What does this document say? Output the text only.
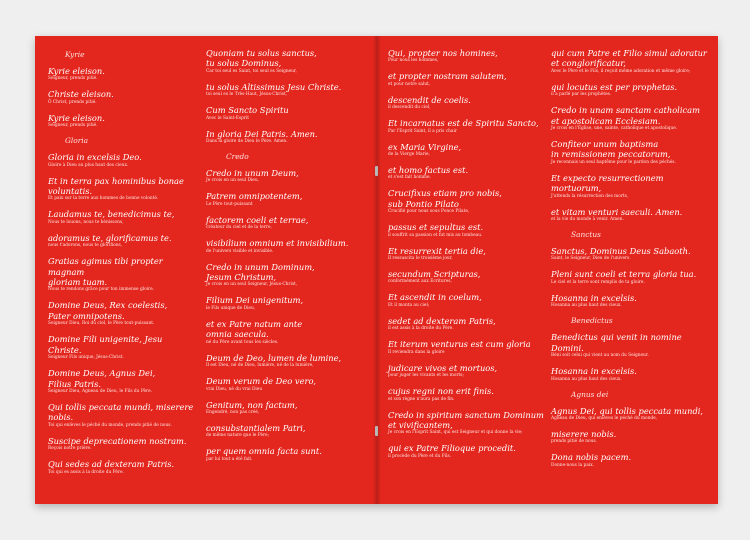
Kyrie
Kyrie eleison.
Seigneur, prends pitié.
Christe eleison.
Ô Christ, prends pitié.
Kyrie eleison.
Seigneur, prends pitié.
Gloria
Gloria in excelsis Deo.
Gloire à Dieu au plus haut des cieux.
Et in terra pax hominibus bonae
voluntatis.
Et paix sur la terre aux hommes de bonne volonté.
Laudamus te, benedicimus te,
Nous te louons, nous te bénissons,
adoramus te, glorificamus te.
nous t'adorons, nous te glorifions,
Gratias agimus tibi propter magnam
gloriam tuam.
Nous te rendons grâce pour ton immense gloire.
Domine Deus, Rex coelestis,
Pater omnipotens.
Seigneur Dieu, Roi du ciel, le Père tout-puissant.
Domine Fili unigenite, Jesu Christe.
Seigneur Fils unique, Jésus-Christ.
Domine Deus, Agnus Dei,
Filius Patris.
Seigneur Dieu, Agneau de Dieu, le Fils du Père.
Qui tollis peccata mundi, miserere nobis.
Toi qui enlèves le péché du monde, prends pitié de nous.
Suscipe deprecationem nostram.
Reçois notre prière.
Qui sedes ad dexteram Patris.
Toi qui es assis à la droite du Père.
Quoniam tu solus sanctus,
tu solus Dominus,
Car toi seul es Saint, toi seul es Seigneur,
tu solus Altissimus Jesu Christe.
toi seul es le Très-Haut, Jésus-Christ,
Cum Sancto Spiritu
Avec le Saint-Esprit
In gloria Dei Patris. Amen.
Dans la gloire de Dieu le Père. Amen.
Credo
Credo in unum Deum,
Je crois en un seul Dieu,
Patrem omnipotentem,
Le Père tout-puissant
factorem coeli et terrae,
créateur du ciel et de la terre,
visibilium omnium et invisibilium.
de l'univers visible et invisible.
Credo in unum Dominum,
Jesum Christum,
Je crois en un seul Seigneur, Jésus-Christ,
Filium Dei unigenitum,
le Fils unique de Dieu,
et ex Patre natum ante
omnia saecula.
né du Père avant tous les siècles.
Deum de Deo, lumen de lumine,
Il est Dieu, né de Dieu, lumière, né de la lumière,
Deum verum de Deo vero,
vrai Dieu, né du vrai Dieu
Genitum, non factum,
Engendré, non pas créé,
consubstantialem Patri,
de même nature que le Père;
per quem omnia facta sunt.
par lui tout a été fait.
Qui, propter nos homines,
Pour nous les hommes,
et propter nostram salutem,
et pour notre salut,
descendit de coelis.
il descendit du ciel,
Et incarnatus est de Spiritu Sancto,
Par l'Esprit Saint, il a pris chair
ex Maria Virgine,
de la Vierge Marie,
et homo factus est.
et s'est fait homme.
Crucifixus etiam pro nobis,
sub Pontio Pilato
Crucifié pour nous sous Ponce Pilate,
passus et sepultus est.
il souffrit sa passion et fut mis au tombeau.
Et resurrexit tertia die,
Il ressuscita le troisième jour,
secundum Scripturas,
conformément aux Écritures,
Et ascendit in coelum,
Et il monta au ciel;
sedet ad dexteram Patris,
il est assis à la droite du Père.
Et iterum venturus est cum gloria
Il reviendra dans la gloire
judicare vivos et mortuos,
pour juger les vivants et les morts;
cujus regni non erit finis.
et son règne n'aura pas de fin.
Credo in spiritum sanctum Dominum
et vivificantem,
Je crois en l'Esprit Saint, qui est Seigneur et qui donne la vie;
qui ex Patre Filioque procedit.
il procède du Père et du Fils.
qui cum Patre et Filio simul adoratur
et conglorificatur,
Avec le Père et le Fils, il reçoit même adoration et même gloire;
qui locutus est per prophetas.
il a parlé par les prophètes.
Credo in unam sanctam catholicam
et apostolicam Ecclesiam.
Je crois en l'Église, une, sainte, catholique et apostolique.
Confiteor unum baptisma
in remissionem peccatorum,
Je reconnais un seul baptême pour le pardon des péchés.
Et expecto resurrectionem mortuorum,
J'attends la résurrection des morts,
et vitam venturi saeculi. Amen.
et la vie du monde à venir. Amen.
Sanctus
Sanctus, Dominus Deus Sabaoth.
Saint, le Seigneur, Dieu de l'univers.
Pleni sunt coeli et terra gloria tua.
Le ciel et la terre sont remplis de ta gloire.
Hosanna in excelsis.
Hosanna au plus haut des cieux.
Benedictus
Benedictus qui venit in nomine Domini.
Béni soit celui qui vient au nom du Seigneur.
Hosanna in excelsis.
Hosanna au plus haut des cieux.
Agnus dei
Agnus Dei, qui tollis peccata mundi,
Agneau de Dieu, qui enlèves le péché du monde,
miserere nobis.
prends pitié de nous.
Dona nobis pacem.
Donne-nous la paix.
